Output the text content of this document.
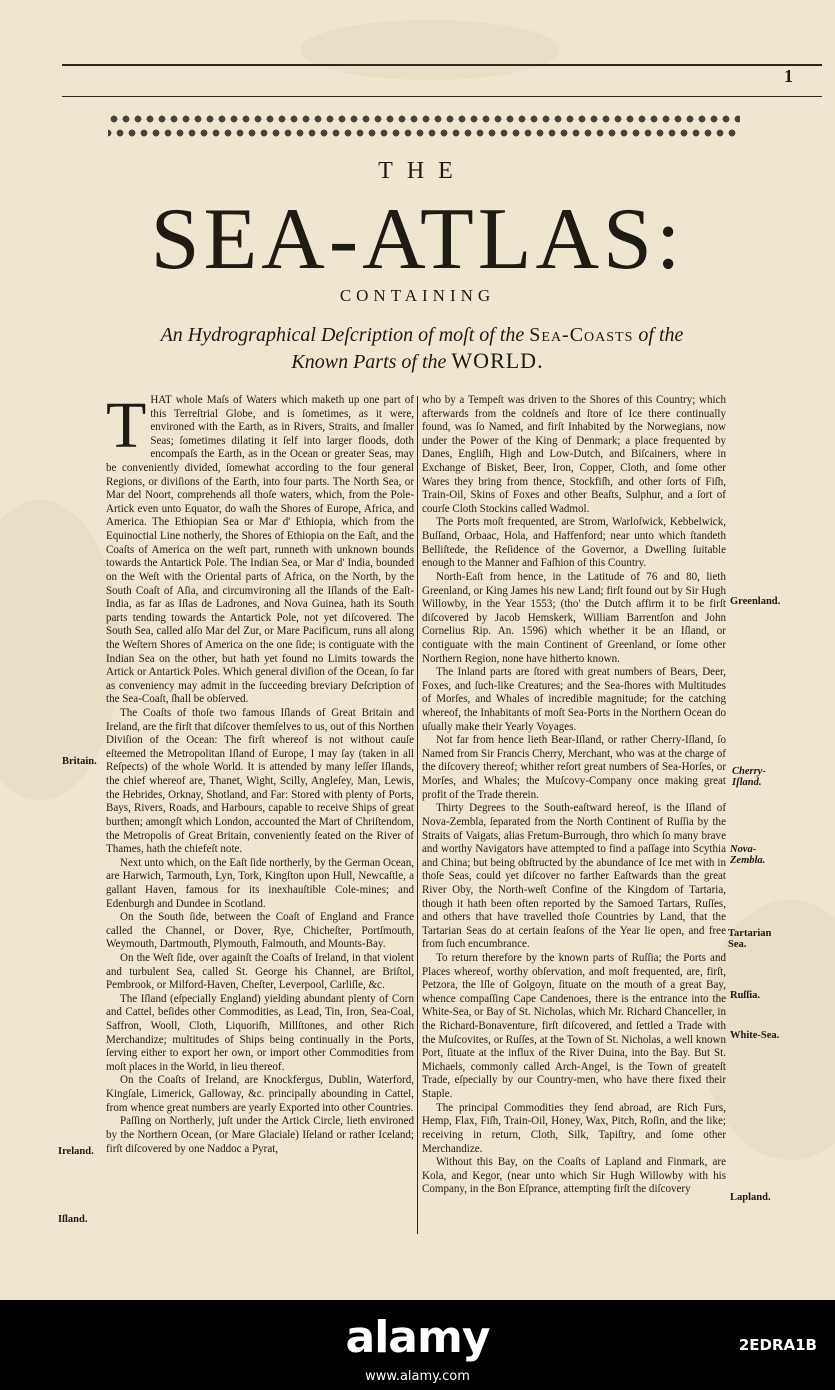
1
THE
SEA-ATLAS:
CONTAINING
An Hydrographical Deſcription of moſt of the Sea-Coasts of the
Known Parts of the WORLD.

THAT whole Maſs of Waters which maketh up one part of this Terreſtrial Globe, and is ſometimes, as it were, environed with the Earth, as in Rivers, Straits, and ſmaller Seas; ſometimes dilating it ſelf into larger floods, doth encompaſs the Earth, as in the Ocean or greater Seas, may be conveniently divided, ſomewhat according to the four general Regions, or diviſions of the Earth, into four parts. The North Sea, or Mar del Noort, comprehends all thoſe waters, which, from the Pole-Artick even unto Equator, do waſh the Shores of Europe, Africa, and America. The Ethiopian Sea or Mar d' Ethiopia, which from the Equinoctial Line notherly, the Shores of Ethiopia on the Eaſt, and the Coaſts of America on the weſt part, runneth with unknown bounds towards the Antartick Pole. The Indian Sea, or Mar d' India, bounded on the Weſt with the Oriental parts of Africa, on the North, by the South Coaſt of Aſia, and circumvironing all the Iſlands of the Eaſt-India, as far as Iſlas de Ladrones, and Nova Guinea, hath its South parts tending towards the Antartick Pole, not yet diſcovered. The South Sea, called alſo Mar del Zur, or Mare Pacificum, runs all along the Weſtern Shores of America on the one ſide; is contiguate with the Indian Sea on the other, but hath yet found no Limits towards the Artick or Antartick Poles. Which general diviſion of the Ocean, ſo far as conveniency may admit in the ſucceeding breviary Deſcription of the Sea-Coaſt, ſhall be obſerved.

The Coaſts of thoſe two famous Iſlands of Great Britain and Ireland, are the firſt that diſcover themſelves to us, out of this Northen Diviſion of the Ocean: The firſt whereof is not without cauſe eſteemed the Metropolitan Iſland of Europe, I may ſay (taken in all Reſpects) of the whole World. It is attended by many leſſer Iſlands, the chief whereof are, Thanet, Wight, Scilly, Angleſey, Man, Lewis, the Hebrides, Orknay, Shotland, and Far: Stored with plenty of Ports, Bays, Rivers, Roads, and Harbours, capable to receive Ships of great burthen; amongſt which London, accounted the Mart of Chriſtendom, the Metropolis of Great Britain, conveniently ſeated on the River of Thames, hath the chiefeſt note.

Next unto which, on the Eaſt ſide northerly, by the German Ocean, are Harwich, Tarmouth, Lyn, Tork, Kingſton upon Hull, Newcaſtle, a gallant Haven, famous for its inexhauſtible Cole-mines; and Edenburgh and Dundee in Scotland.

On the South ſide, between the Coaſt of England and France called the Channel, or Dover, Rye, Chicheſter, Portſmouth, Weymouth, Dartmouth, Plymouth, Falmouth, and Mounts-Bay.

On the Weſt ſide, over againſt the Coaſts of Ireland, in that violent and turbulent Sea, called St. George his Channel, are Briſtol, Pembrook, or Milford-Haven, Cheſter, Leverpool, Carliſle, &c.

The Iſland (eſpecially England) yielding abundant plenty of Corn and Cattel, beſides other Commodities, as Lead, Tin, Iron, Sea-Coal, Saffron, Wooll, Cloth, Liquoriſh, Millſtones, and other Rich Merchandize; multitudes of Ships being continually in the Ports, ſerving either to export her own, or import other Commodities from moſt places in the World, in lieu thereof.

On the Coaſts of Ireland, are Knockfergus, Dublin, Waterford, Kingſale, Limerick, Galloway, &c. principally abounding in Cattel, from whence great numbers are yearly Exported into other Countries.

Paſſing on Northerly, juſt under the Artick Circle, lieth environed by the Northern Ocean, (or Mare Glaciale) Iſeland or rather Iceland; firſt diſcovered by one Naddoc a Pyrat,

who by a Tempeſt was driven to the Shores of this Country; which afterwards from the coldneſs and ſtore of Ice there continually found, was ſo Named, and firſt Inhabited by the Norwegians, now under the Power of the King of Denmark; a place frequented by Danes, Engliſh, High and Low-Dutch, and Biſcainers, where in Exchange of Bisket, Beer, Iron, Copper, Cloth, and ſome other Wares they bring from thence, Stockfiſh, and other ſorts of Fiſh, Train-Oil, Skins of Foxes and other Beaſts, Sulphur, and a ſort of courſe Cloth Stockins called Wadmol.

The Ports moſt frequented, are Strom, Warloſwick, Kebbelwick, Buſſand, Orbaac, Hola, and Haffenford; near unto which ſtandeth Belliſtede, the Reſidence of the Governor, a Dwelling ſuitable enough to the Manner and Faſhion of this Country.

North-Eaſt from hence, in the Latitude of 76 and 80, lieth Greenland, or King James his new Land; firſt found out by Sir Hugh Willowby, in the Year 1553; (tho' the Dutch affirm it to be firſt diſcovered by Jacob Hemskerk, William Barrentſon and John Cornelius Rip. An. 1596) which whether it be an Iſland, or contiguate with the main Continent of Greenland, or ſome other Northern Region, none have hitherto known.

The Inland parts are ſtored with great numbers of Bears, Deer, Foxes, and ſuch-like Creatures; and the Sea-ſhores with Multitudes of Morſes, and Whales of incredible magnitude; for the catching whereof, the Inhabitants of moſt Sea-Ports in the Northern Ocean do uſually make their Yearly Voyages.

Not far from hence lieth Bear-Iſland, or rather Cherry-Iſland, ſo Named from Sir Francis Cherry, Merchant, who was at the charge of the diſcovery thereof; whither reſort great numbers of Sea-Horſes, or Morſes, and Whales; the Muſcovy-Company once making great profit of the Trade therein.

Thirty Degrees to the South-eaſtward hereof, is the Iſland of Nova-Zembla, ſeparated from the North Continent of Ruſſia by the Straits of Vaigats, alias Fretum-Burrough, thro which ſo many brave and worthy Navigators have attempted to find a paſſage into Scythia and China; but being obſtructed by the abundance of Ice met with in thoſe Seas, could yet diſcover no farther Eaſtwards than the great River Oby, the North-weſt Confine of the Kingdom of Tartaria, though it hath been often reported by the Samoed Tartars, Ruſſes, and others that have travelled thoſe Countries by Land, that the Tartarian Seas do at certain ſeaſons of the Year lie open, and free from ſuch encumbrance.

To return therefore by the known parts of Ruſſia; the Ports and Places whereof, worthy obſervation, and moſt frequented, are, firſt, Petzora, the Iſle of Golgoyn, ſituate on the mouth of a great Bay, whence compaſſing Cape Candenoes, there is the entrance into the White-Sea, or Bay of St. Nicholas, which Mr. Richard Chanceller, in the Richard-Bonaventure, firſt diſcovered, and ſettled a Trade with the Muſcovites, or Ruſſes, at the Town of St. Nicholas, a well known Port, ſituate at the influx of the River Duina, into the Bay. But St. Michaels, commonly called Arch-Angel, is the Town of greateſt Trade, eſpecially by our Country-men, who have there fixed their Staple.

The principal Commodities they ſend abroad, are Rich Furs, Hemp, Flax, Fiſh, Train-Oil, Honey, Wax, Pitch, Roſin, and the like; receiving in return, Cloth, Silk, Tapiſtry, and ſome other Merchandize.

Without this Bay, on the Coaſts of Lapland and Finmark, are Kola, and Kegor, (near unto which Sir Hugh Willowby with his Company, in the Bon Eſprance, attempting firſt the diſcovery

Britain.
Ireland.
Iſland.
Greenland.
Cherry-
Iſland.
Nova-
Zembla.
Tartarian
Sea.
Ruſſia.
White-Sea.
Lapland.
alamy	2EDRA1B
www.alamy.com
